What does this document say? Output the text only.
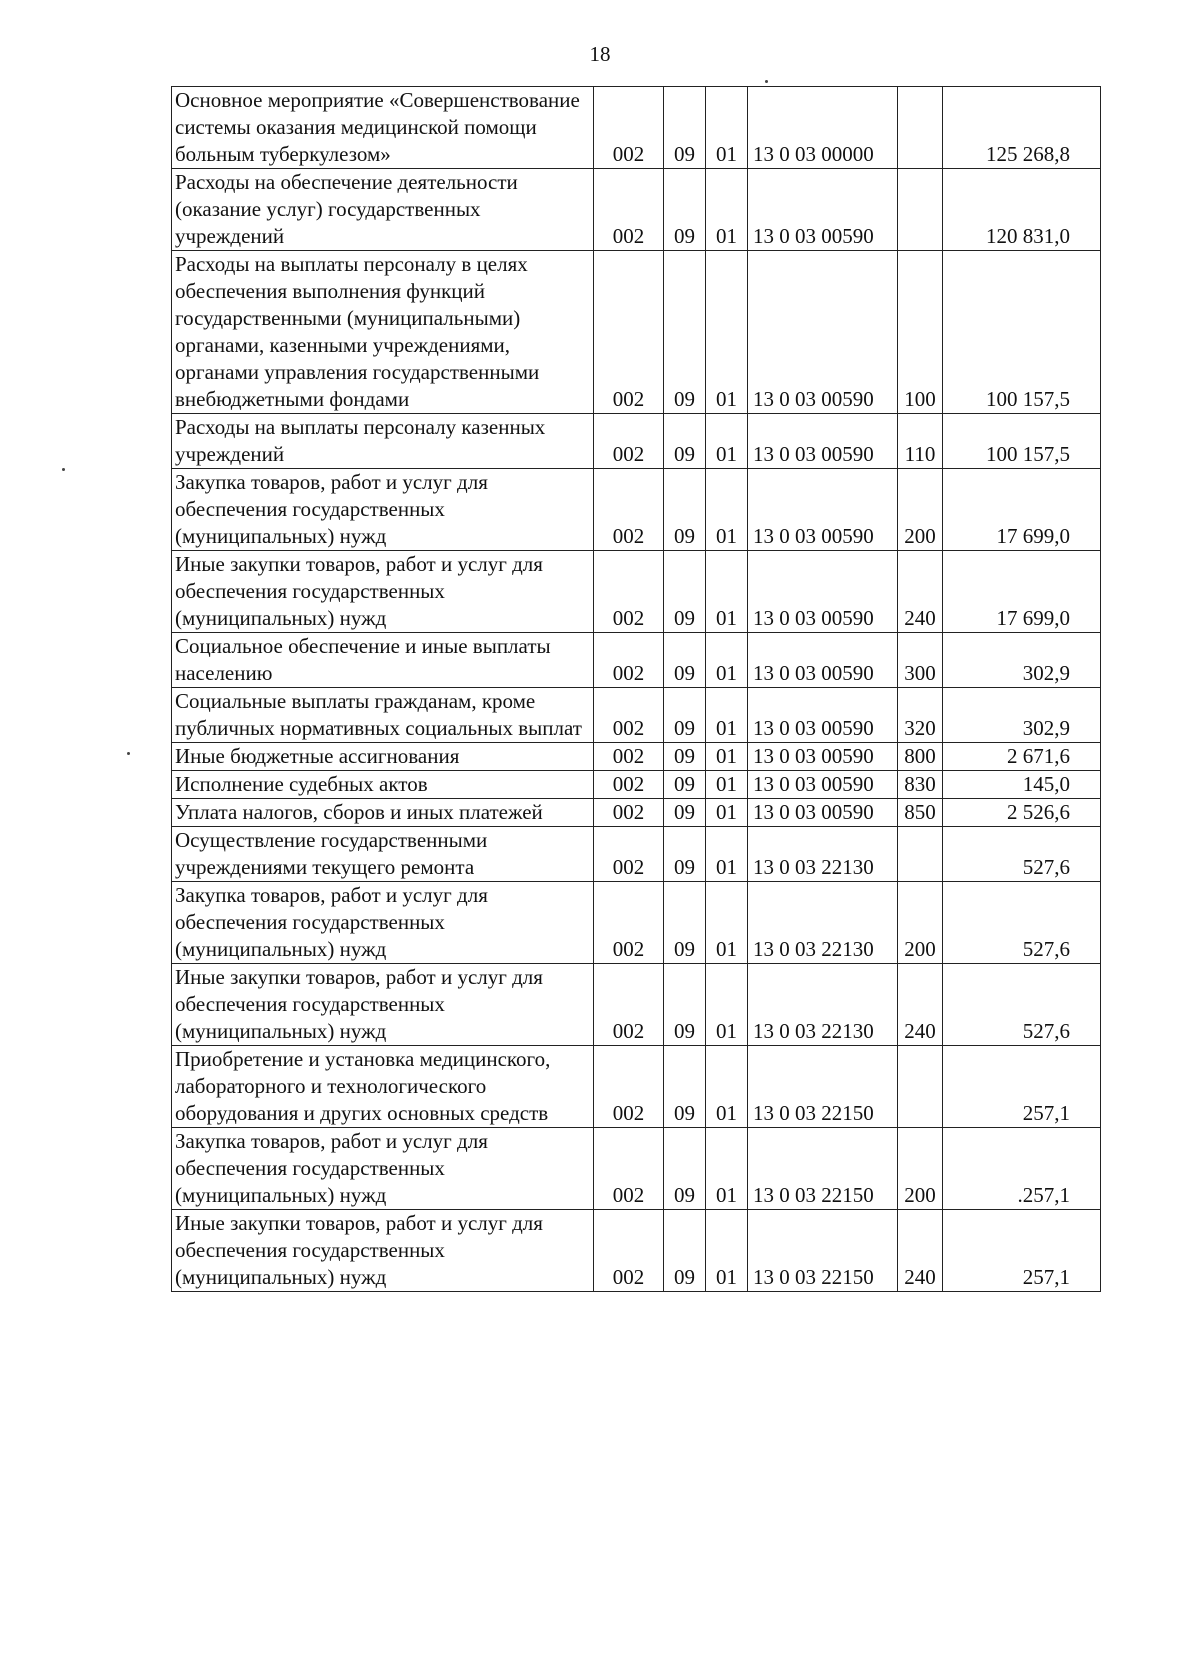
18
Основное мероприятие «Совершенствование системы оказания медицинской помощи больным туберкулезом»	002	09	01	13 0 03 00000		125 268,8
Расходы на обеспечение деятельности (оказание услуг) государственных учреждений	002	09	01	13 0 03 00590		120 831,0
Расходы на выплаты персоналу в целях обеспечения выполнения функций государственными (муниципальными) органами, казенными учреждениями, органами управления государственными внебюджетными фондами	002	09	01	13 0 03 00590	100	100 157,5
Расходы на выплаты персоналу казенных учреждений	002	09	01	13 0 03 00590	110	100 157,5
Закупка товаров, работ и услуг для обеспечения государственных (муниципальных) нужд	002	09	01	13 0 03 00590	200	17 699,0
Иные закупки товаров, работ и услуг для обеспечения государственных (муниципальных) нужд	002	09	01	13 0 03 00590	240	17 699,0
Социальное обеспечение и иные выплаты населению	002	09	01	13 0 03 00590	300	302,9
Социальные выплаты гражданам, кроме публичных нормативных социальных выплат	002	09	01	13 0 03 00590	320	302,9
Иные бюджетные ассигнования	002	09	01	13 0 03 00590	800	2 671,6
Исполнение судебных актов	002	09	01	13 0 03 00590	830	145,0
Уплата налогов, сборов и иных платежей	002	09	01	13 0 03 00590	850	2 526,6
Осуществление государственными учреждениями текущего ремонта	002	09	01	13 0 03 22130		527,6
Закупка товаров, работ и услуг для обеспечения государственных (муниципальных) нужд	002	09	01	13 0 03 22130	200	527,6
Иные закупки товаров, работ и услуг для обеспечения государственных (муниципальных) нужд	002	09	01	13 0 03 22130	240	527,6
Приобретение и установка медицинского, лабораторного и технологического оборудования и других основных средств	002	09	01	13 0 03 22150		257,1
Закупка товаров, работ и услуг для обеспечения государственных (муниципальных) нужд	002	09	01	13 0 03 22150	200	.257,1
Иные закупки товаров, работ и услуг для обеспечения государственных (муниципальных) нужд	002	09	01	13 0 03 22150	240	257,1
